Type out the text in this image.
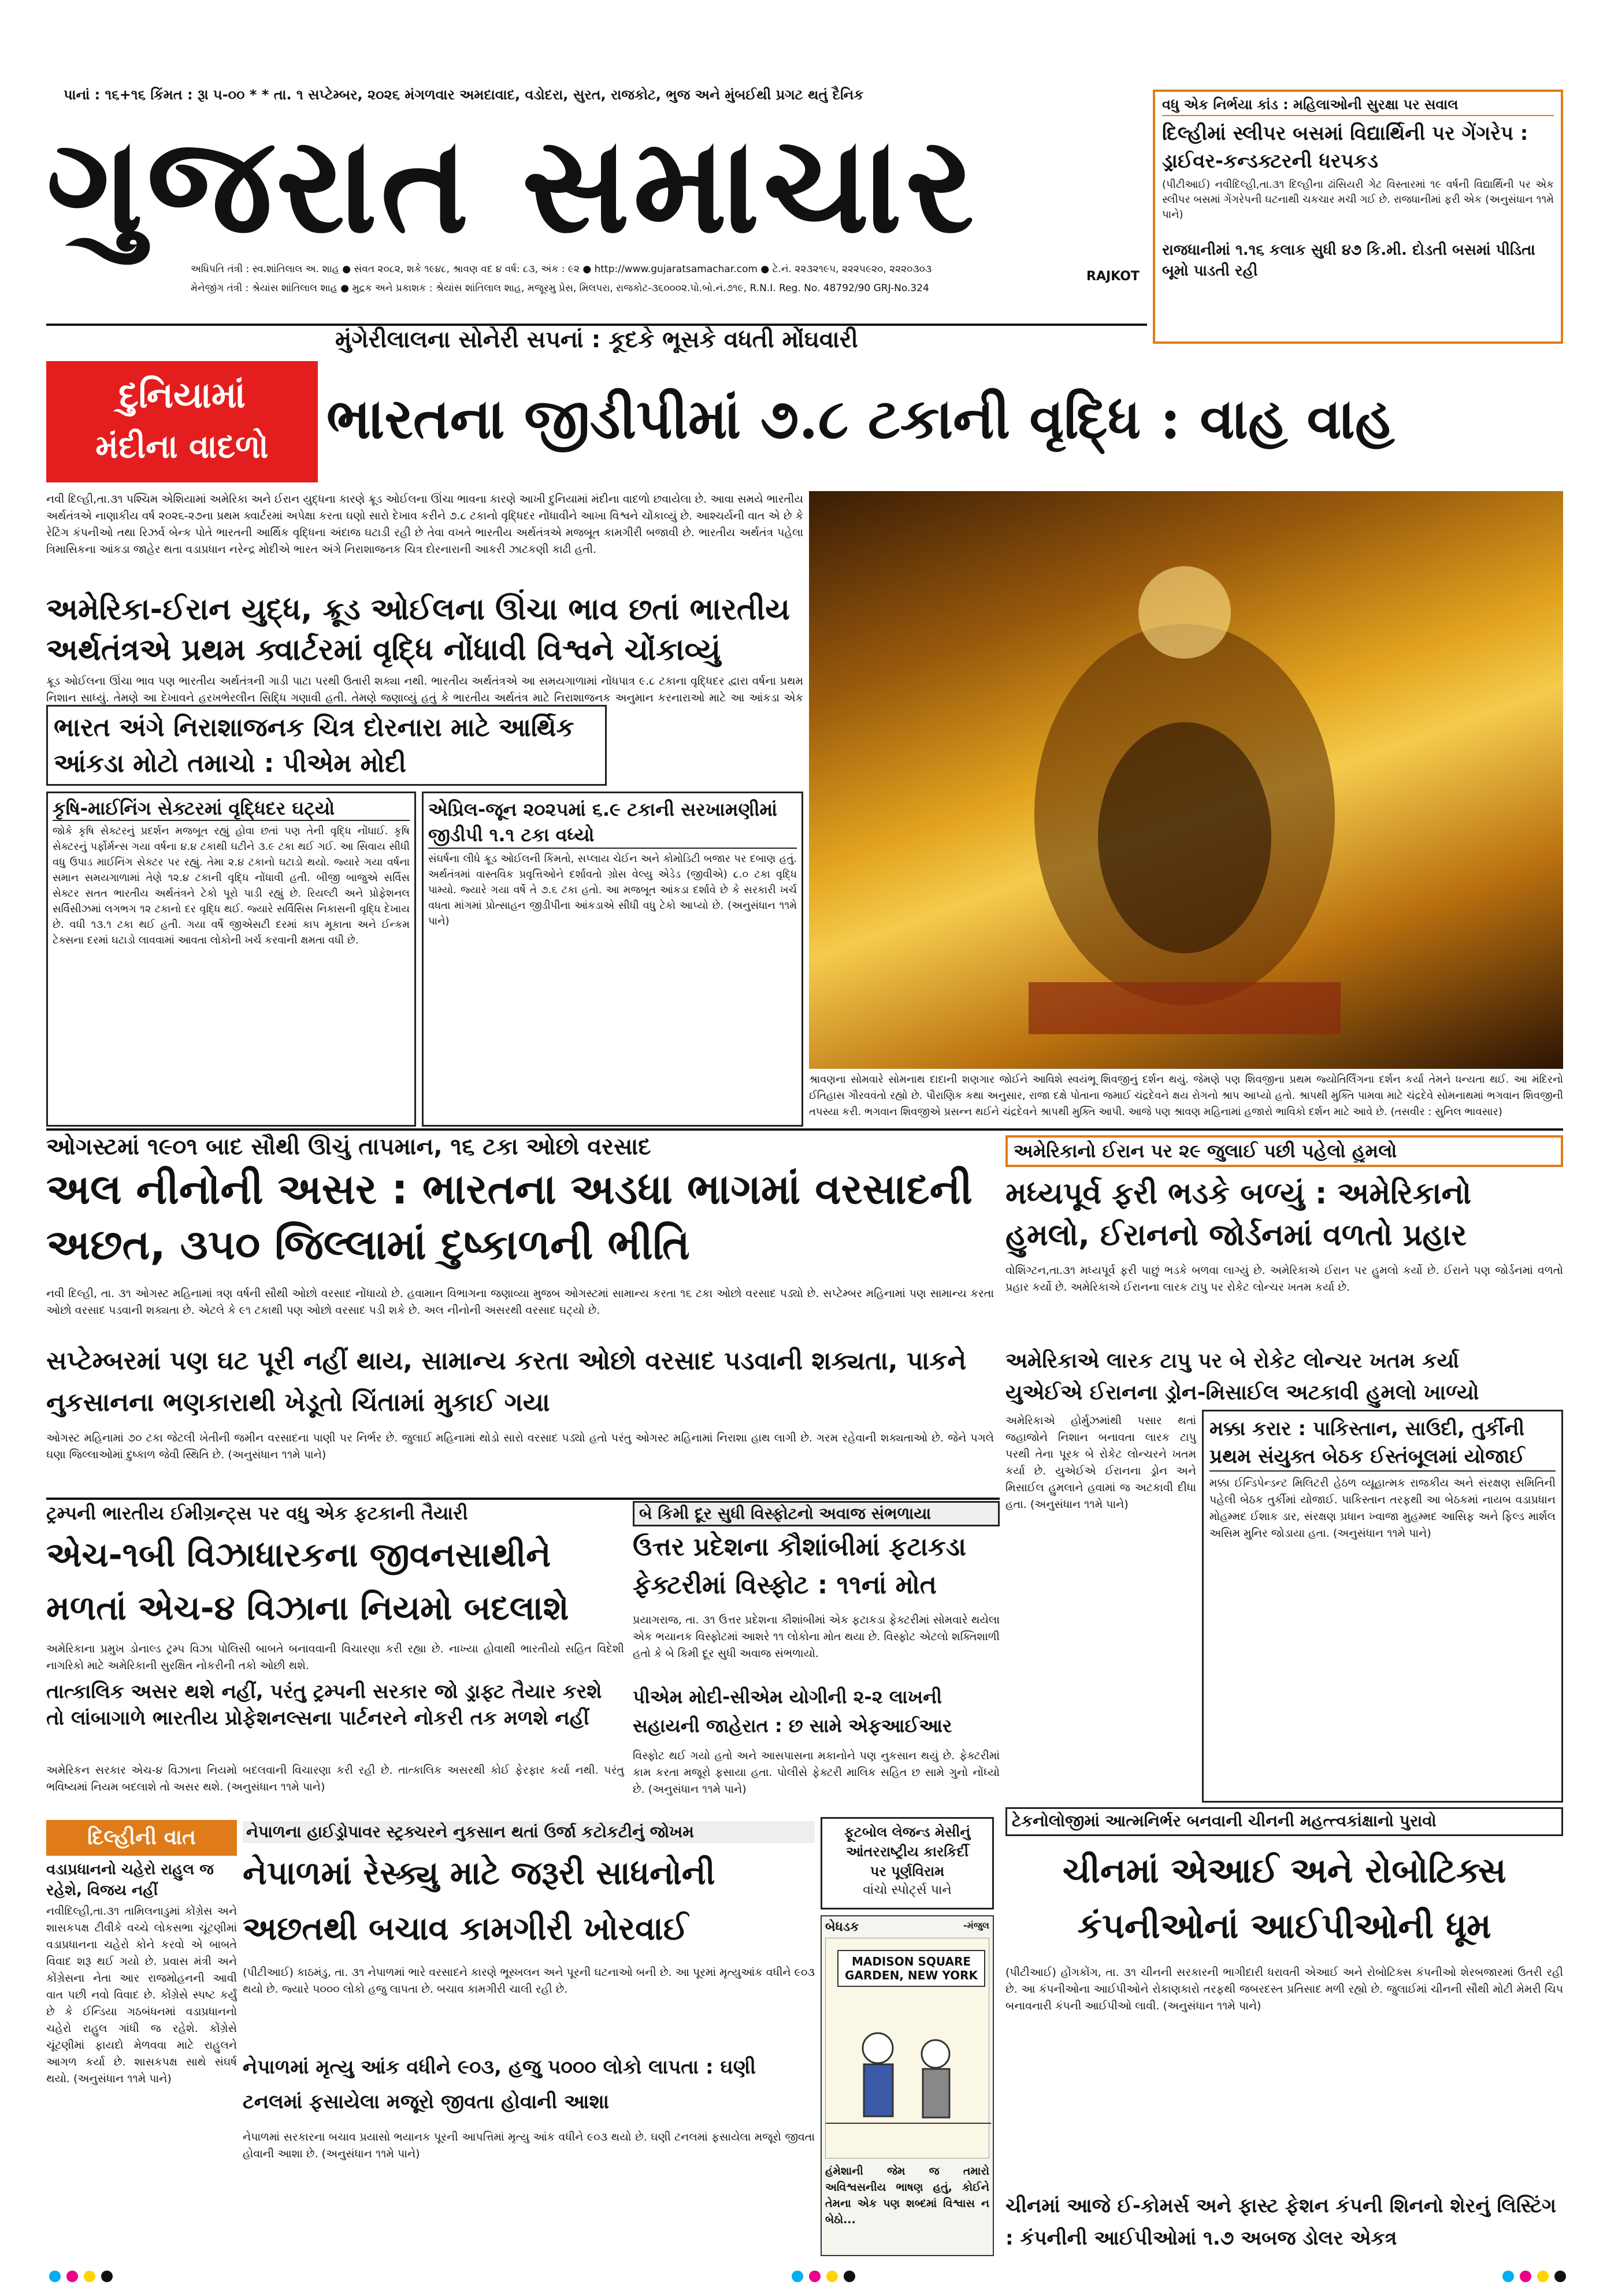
પાનાં : ૧૬+૧૬ કિંમત : રૂા ૫-૦૦ * * તા. ૧ સપ્ટેમ્બર, ૨૦૨૬ મંગળવાર અમદાવાદ, વડોદરા, સુરત, રાજકોટ, ભુજ અને મુંબઈથી પ્રગટ થતું દૈનિક
ગુજરાત સમાચાર
અધિપતિ તંત્રી : સ્વ.શાંતિલાલ અ. શાહ ● સંવત ૨૦૮૨, શકે ૧૯૪૮, શ્રાવણ વદ ૪ વર્ષ: ૮૩, અંક : ૯૨ ● http://www.gujaratsamachar.com ● ટે.નં. ૨૨૩૨૧૯૫, ૨૨૨૫૯૨૦, ૨૨૨૦૩૦૩
મેનેજીંગ તંત્રી : શ્રેયાંસ શાંતિલાલ શાહ ● મુદ્રક અને પ્રકાશક : શ્રેયાંસ શાંતિલાલ શાહ, મજૂરમુ પ્રેસ, મિલપરા, રાજકોટ-૩૬૦૦૦૨.પો.બો.નં.૭૧૯, R.N.I. Reg. No. 48792/90 GRJ-No.324
RAJKOT
વધુ એક નિર્ભયા કાંડ : મહિલાઓની સુરક્ષા પર સવાલ
દિલ્હીમાં સ્લીપર બસમાં વિદ્યાર્થિની પર ગેંગરેપ : ડ્રાઈવર-કન્ડક્ટરની ધરપકડ
(પીટીઆઈ) નવીદિલ્હી,તા.૩૧ દિલ્હીના ઢાંસિયરી ગેટ વિસ્તારમાં ૧૯ વર્ષની વિદ્યાર્થિની પર એક સ્લીપર બસમાં ગેંગરેપની ઘટનાથી ચકચાર મચી ગઈ છે. રાજધાનીમાં ફરી એક (અનુસંધાન ૧૧મે પાને)
રાજધાનીમાં ૧.૧૬ કલાક સુધી ૪૭ કિ.મી. દોડતી બસમાં પીડિતા બૂમો પાડતી રહી
મુંગેરીલાલના સોનેરી સપનાં : કૂદકે ભૂસકે વધતી મોંઘવારી
દુનિયામાં
મંદીના વાદળો	ભારતના જીડીપીમાં ૭.૮ ટકાની વૃદ્ધિ : વાહ વાહ
નવી દિલ્હી,તા.૩૧ પશ્ચિમ એશિયામાં અમેરિકા અને ઈરાન યુદ્ધના કારણે ક્રૂડ ઓઈલના ઊંચા ભાવના કારણે આખી દુનિયામાં મંદીના વાદળો છવાયેલા છે. આવા સમયે ભારતીય અર્થતંત્રએ નાણાકીય વર્ષ ૨૦૨૬-૨૭ના પ્રથમ ક્વાર્ટરમાં અપેક્ષા કરતા ઘણો સારો દેખાવ કરીને ૭.૮ ટકાનો વૃદ્ધિદર નોંધાવીને આખા વિશ્વને ચોંકાવ્યું છે. આશ્ચર્યની વાત એ છે કે રેટિંગ કંપનીઓ તથા રિઝર્વ બેન્ક પોતે ભારતની આર્થિક વૃદ્ધિના અંદાજ ઘટાડી રહી છે તેવા વખતે ભારતીય અર્થતંત્રએ મજબૂત કામગીરી બજાવી છે. ભારતીય અર્થતંત્ર પહેલા ત્રિમાસિકના આંકડા જાહેર થતા વડાપ્રધાન નરેન્દ્ર મોદીએ ભારત અંગે નિરાશાજનક ચિત્ર દોરનારાની આકરી ઝાટકણી કાઢી હતી.
અમેરિકા-ઈરાન યુદ્ધ, ક્રૂડ ઓઈલના ઊંચા ભાવ છતાં ભારતીય અર્થતંત્રએ પ્રથમ ક્વાર્ટરમાં વૃદ્ધિ નોંધાવી વિશ્વને ચોંકાવ્યું
ક્રૂડ ઓઈલના ઊંચા ભાવ પણ ભારતીય અર્થતંત્રની ગાડી પાટા પરથી ઉતારી શક્યા નથી. ભારતીય અર્થતંત્રએ આ સમયગાળામાં નોંધપાત્ર ૯.૮ ટકાના વૃદ્ધિદર દ્વારા વર્ષના પ્રથમ નિશાન સાધ્યું. તેમણે આ દેખાવને હરખભેરલીન સિદ્ધિ ગણાવી હતી. તેમણે જણાવ્યું હતું કે ભારતીય અર્થતંત્ર માટે નિરાશાજનક અનુમાન કરનારાઓ માટે આ આંકડા એક
ભારત અંગે નિરાશાજનક ચિત્ર દોરનારા માટે આર્થિક આંકડા મોટો તમાચો : પીએમ મોદી
કૃષિ-માઈનિંગ સેક્ટરમાં વૃદ્ધિદર ઘટ્યો
જોકે કૃષિ સેક્ટરનું પ્રદર્શન મજબૂત રહ્યું હોવા છતાં પણ તેની વૃદ્ધિ નોંધાઈ. કૃષિ સેક્ટરનું પર્ફોર્મન્સ ગયા વર્ષના ૪.૪ ટકાથી ઘટીને ૩.૯ ટકા થઈ ગઈ. આ સિવાય સીધી વધુ ઉપાડ માઈનિંગ સેક્ટર પર રહ્યું. તેમા ૨.૪ ટકાનો ઘટાડો થયો. જ્યારે ગયા વર્ષના સમાન સમયગાળામાં તેણે ૧૨.૪ ટકાની વૃદ્ધિ નોંધાવી હતી. બીજી બાજુએ સર્વિસ સેક્ટર સતત ભારતીય અર્થતંત્રને ટેકો પૂરો પાડી રહ્યું છે. રિયલ્ટી અને પ્રોફેશનલ સર્વિસીઝમાં લગભગ ૧૨ ટકાનો દર વૃદ્ધિ થઈ. જ્યારે સર્વિસિસ નિકાસની વૃદ્ધિ દેખાય છે. વધી ૧૩.૧ ટકા થઈ હતી. ગયા વર્ષે જીએસટી દરમાં કાપ મૂકાતા અને ઈન્કમ ટેક્સના દરમાં ઘટાડો લાવવામાં આવતા લોકોની ખર્ચ કરવાની ક્ષમતા વધી છે.
એપ્રિલ-જૂન ૨૦૨૫માં ૬.૯ ટકાની સરખામણીમાં જીડીપી ૧.૧ ટકા વધ્યો
સંઘર્ષના લીધે ક્રૂડ ઓઈલની કિંમતો, સપ્લાય ચેઈન અને કોમોડિટી બજાર પર દબાણ હતું. અર્થતંત્રમાં વાસ્તવિક પ્રવૃત્તિઓને દર્શાવતો ગ્રોસ વેલ્યુ એડેડ (જીવીએ) ૮.૦ ટકા વૃદ્ધિ પામ્યો. જ્યારે ગયા વર્ષે તે ૭.૬ ટકા હતો. આ મજબૂત આંકડા દર્શાવે છે કે સરકારી ખર્ચ વધતા માંગમાં પ્રોત્સાહન જીડીપીના આંકડાએ સીધી વધુ ટેકો આપ્યો છે. (અનુસંધાન ૧૧મે પાને)
શ્રાવણના સોમવારે સોમનાથ દાદાની શણગાર જોઈને આવિશે સ્વયંભૂ શિવજીનું દર્શન થયું. જેમણે પણ શિવજીના પ્રથમ જ્યોતિર્લિંગના દર્શન કર્યા તેમને ધન્યતા થઈ. આ મંદિરનો ઈતિહાસ ગૌરવવંતો રહ્યો છે. પૌરાણિક કથા અનુસાર, રાજા દક્ષે પોતાના જમાઈ ચંદ્રદેવને ક્ષય રોગનો શ્રાપ આપ્યો હતો. શ્રાપથી મુક્તિ પામવા માટે ચંદ્રદેવે સોમનાથમાં ભગવાન શિવજીની તપસ્યા કરી. ભગવાન શિવજીએ પ્રસન્ન થઈને ચંદ્રદેવને શ્રાપથી મુક્તિ આપી. આજે પણ શ્રાવણ મહિનામાં હજારો ભાવિકો દર્શન માટે આવે છે. (તસવીર : સુનિલ ભાવસાર)
ઓગસ્ટમાં ૧૯૦૧ બાદ સૌથી ઊંચું તાપમાન, ૧૬ ટકા ઓછો વરસાદ
અલ નીનોની અસર : ભારતના અડધા ભાગમાં વરસાદની અછત, ૩૫૦ જિલ્લામાં દુષ્કાળની ભીતિ
નવી દિલ્હી, તા. ૩૧ ઓગસ્ટ મહિનામાં ત્રણ વર્ષની સૌથી ઓછો વરસાદ નોંધાયો છે. હવામાન વિભાગના જણાવ્યા મુજબ ઓગસ્ટમાં સામાન્ય કરતા ૧૬ ટકા ઓછો વરસાદ પડ્યો છે. સપ્ટેમ્બર મહિનામાં પણ સામાન્ય કરતા ઓછો વરસાદ પડવાની શક્યતા છે. એટલે કે ૯૧ ટકાથી પણ ઓછો વરસાદ પડી શકે છે. અલ નીનોની અસરથી વરસાદ ઘટ્યો છે.
સપ્ટેમ્બરમાં પણ ઘટ પૂરી નહીં થાય, સામાન્ય કરતા ઓછો વરસાદ પડવાની શક્યતા, પાકને નુકસાનના ભણકારાથી ખેડૂતો ચિંતામાં મુકાઈ ગયા
ઓગસ્ટ મહિનામાં ૭૦ ટકા જેટલી ખેતીની જમીન વરસાદના પાણી પર નિર્ભર છે. જુલાઈ મહિનામાં થોડો સારો વરસાદ પડ્યો હતો પરંતુ ઓગસ્ટ મહિનામાં નિરાશા હાથ લાગી છે. ગરમ રહેવાની શક્યતાઓ છે. જેને પગલે ઘણા જિલ્લાઓમાં દુષ્કાળ જેવી સ્થિતિ છે. (અનુસંધાન ૧૧મે પાને)
અમેરિકાનો ઈરાન પર ૨૯ જુલાઈ પછી પહેલો હુમલો
મધ્યપૂર્વ ફરી ભડકે બળ્યું : અમેરિકાનો હુમલો, ઈરાનનો જોર્ડનમાં વળતો પ્રહાર
વોશિંગ્ટન,તા.૩૧ મધ્યપૂર્વ ફરી પાછું ભડકે બળવા લાગ્યું છે. અમેરિકાએ ઈરાન પર હુમલો કર્યો છે. ઈરાને પણ જોર્ડનમાં વળતો પ્રહાર કર્યો છે. અમેરિકાએ ઈરાનના લારક ટાપુ પર રોકેટ લોન્ચર ખતમ કર્યા છે.
અમેરિકાએ લારક ટાપુ પર બે રોકેટ લોન્ચર ખતમ કર્યા
યુએઈએ ઈરાનના ડ્રોન-મિસાઈલ અટકાવી હુમલો ખાળ્યો
અમેરિકાએ હોર્મુઝમાંથી પસાર થતાં જહાજોને નિશાન બનાવતા લારક ટાપુ પરથી તેના પૂરક બે રોકેટ લોન્ચરને ખતમ કર્યા છે. યુએઈએ ઈરાનના ડ્રોન અને મિસાઈલ હુમલાને હવામાં જ અટકાવી દીધા હતા. (અનુસંધાન ૧૧મે પાને)
મક્કા કરાર : પાકિસ્તાન, સાઉદી, તુર્કીની પ્રથમ સંયુક્ત બેઠક ઈસ્તંબૂલમાં યોજાઈ
મક્કા ઈન્ડિપેન્ડન્ટ મિલિટરી હેઠળ વ્યૂહાત્મક રાજકીય અને સંરક્ષણ સમિતિની પહેલી બેઠક તુર્કીમાં યોજાઈ. પાકિસ્તાન તરફથી આ બેઠકમાં નાયબ વડાપ્રધાન મોહમ્મદ ઈશાક ડાર, સંરક્ષણ પ્રધાન ખ્વાજા મુહમ્મદ આસિફ અને ફિલ્ડ માર્શલ અસિમ મુનિર જોડાયા હતા. (અનુસંધાન ૧૧મે પાને)
ટ્રમ્પની ભારતીય ઈમીગ્રન્ટ્સ પર વધુ એક ફટકાની તૈયારી
એચ-૧બી વિઝાધારકના જીવનસાથીને મળતાં એચ-૪ વિઝાના નિયમો બદલાશે
અમેરિકાના પ્રમુખ ડોનાલ્ડ ટ્રમ્પ વિઝા પોલિસી બાબતે બનાવવાની વિચારણા કરી રહ્યા છે. નાખ્યા હોવાથી ભારતીયો સહિત વિદેશી નાગરિકો માટે અમેરિકાની સુરક્ષિત નોકરીની તકો ઓછી થશે.
તાત્કાલિક અસર થશે નહીં, પરંતુ ટ્રમ્પની સરકાર જો ડ્રાફ્ટ તૈયાર કરશે તો લાંબાગાળે ભારતીય પ્રોફેશનલ્સના પાર્ટનરને નોકરી તક મળશે નહીં
અમેરિકન સરકાર એચ-૪ વિઝાના નિયમો બદલવાની વિચારણા કરી રહી છે. તાત્કાલિક અસરથી કોઈ ફેરફાર કર્યા નથી. પરંતુ ભવિષ્યમાં નિયમ બદલાશે તો અસર થશે. (અનુસંધાન ૧૧મે પાને)
બે કિમી દૂર સુધી વિસ્ફોટનો અવાજ સંભળાયા
ઉત્તર પ્રદેશના કૌશાંબીમાં ફટાકડા ફેક્ટરીમાં વિસ્ફોટ : ૧૧નાં મોત
પ્રયાગરાજ, તા. ૩૧ ઉત્તર પ્રદેશના કૌશાંબીમાં એક ફટાકડા ફેક્ટરીમાં સોમવારે થયેલા એક ભયાનક વિસ્ફોટમાં આશરે ૧૧ લોકોના મોત થયા છે. વિસ્ફોટ એટલો શક્તિશાળી હતો કે બે કિમી દૂર સુધી અવાજ સંભળાયો.
પીએમ મોદી-સીએમ યોગીની ૨-૨ લાખની સહાયની જાહેરાત : છ સામે એફઆઈઆર
વિસ્ફોટ થઈ ગયો હતો અને આસપાસના મકાનોને પણ નુકસાન થયું છે. ફેક્ટરીમાં કામ કરતા મજૂરો ફસાયા હતા. પોલીસે ફેક્ટરી માલિક સહિત છ સામે ગુનો નોંધ્યો છે. (અનુસંધાન ૧૧મે પાને)
દિલ્હીની વાત
વડાપ્રધાનનો ચહેરો રાહુલ જ રહેશે, વિજય નહીં
નવીદિલ્હી,તા.૩૧ તામિલનાડુમાં કોંગ્રેસ અને શાસકપક્ષ ટીવીકે વચ્ચે લોકસભા ચૂંટણીમાં વડાપ્રધાનના ચહેરો કોને કરવો એ બાબતે વિવાદ શરૂ થઈ ગયો છે. પ્રવાસ મંત્રી અને કોંગ્રેસના નેતા આર રાજમોહનની આવી વાત પછી નવો વિવાદ છે. કોંગ્રેસે સ્પષ્ટ કર્યું છે કે ઈન્ડિયા ગઠબંધનમાં વડાપ્રધાનનો ચહેરો રાહુલ ગાંધી જ રહેશે. કોંગ્રેસે ચૂંટણીમાં ફાયદો મેળવવા માટે રાહુલને આગળ કર્યા છે. શાસકપક્ષ સાથે સંઘર્ષ થયો. (અનુસંધાન ૧૧મે પાને)
નેપાળના હાઈડ્રોપાવર સ્ટ્રક્ચરને નુકસાન થતાં ઉર્જા કટોકટીનું જોખમ
નેપાળમાં રેસ્ક્યુ માટે જરૂરી સાધનોની અછતથી બચાવ કામગીરી ખોરવાઈ
(પીટીઆઈ) કાઠમંડુ, તા. ૩૧ નેપાળમાં ભારે વરસાદને કારણે ભૂસ્ખલન અને પૂરની ઘટનાઓ બની છે. આ પૂરમાં મૃત્યુઆંક વધીને ૯૦૩ થયો છે. જ્યારે ૫૦૦૦ લોકો હજુ લાપતા છે. બચાવ કામગીરી ચાલી રહી છે.
નેપાળમાં મૃત્યુ આંક વધીને ૯૦૩, હજુ ૫૦૦૦ લોકો લાપતા : ઘણી ટનલમાં ફસાયેલા મજૂરો જીવતા હોવાની આશા
નેપાળમાં સરકારના બચાવ પ્રયાસો ભયાનક પૂરની આપત્તિમાં મૃત્યુ આંક વધીને ૯૦૩ થયો છે. ઘણી ટનલમાં ફસાયેલા મજૂરો જીવતા હોવાની આશા છે. (અનુસંધાન ૧૧મે પાને)
ફૂટબોલ લેજન્ડ મેસીનું
આંતરરાષ્ટ્રીય કારકિર્દી
પર પૂર્ણવિરામ
વાંચો સ્પોર્ટ્સ પાને
બેધડક	-મંજુલ
MADISON SQUARE GARDEN, NEW YORK
હંમેશાની જેમ જ તમારો અવિશ્વસનીય ભાષણ હતું, કોઈને તેમના એક પણ શબ્દમાં વિશ્વાસ ન બેઠો...
ટેકનોલોજીમાં આત્મનિર્ભર બનવાની ચીનની મહત્ત્વકાંક્ષાનો પુરાવો
ચીનમાં એઆઈ અને રોબોટિક્સ કંપનીઓનાં આઈપીઓની ધૂમ
(પીટીઆઈ) હોંગકોંગ, તા. ૩૧ ચીનની સરકારની ભાગીદારી ધરાવતી એઆઈ અને રોબોટિક્સ કંપનીઓ શેરબજારમાં ઉતરી રહી છે. આ કંપનીઓના આઈપીઓને રોકાણકારો તરફથી જબરદસ્ત પ્રતિસાદ મળી રહ્યો છે. જુલાઈમાં ચીનની સૌથી મોટી મેમરી ચિપ બનાવનારી કંપની આઈપીઓ લાવી. (અનુસંધાન ૧૧મે પાને)
ચીનમાં આજે ઈ-કોમર્સ અને ફાસ્ટ ફેશન કંપની શિનનો શેરનું લિસ્ટિંગ : કંપનીની આઈપીઓમાં ૧.૭ અબજ ડોલર એકત્ર
